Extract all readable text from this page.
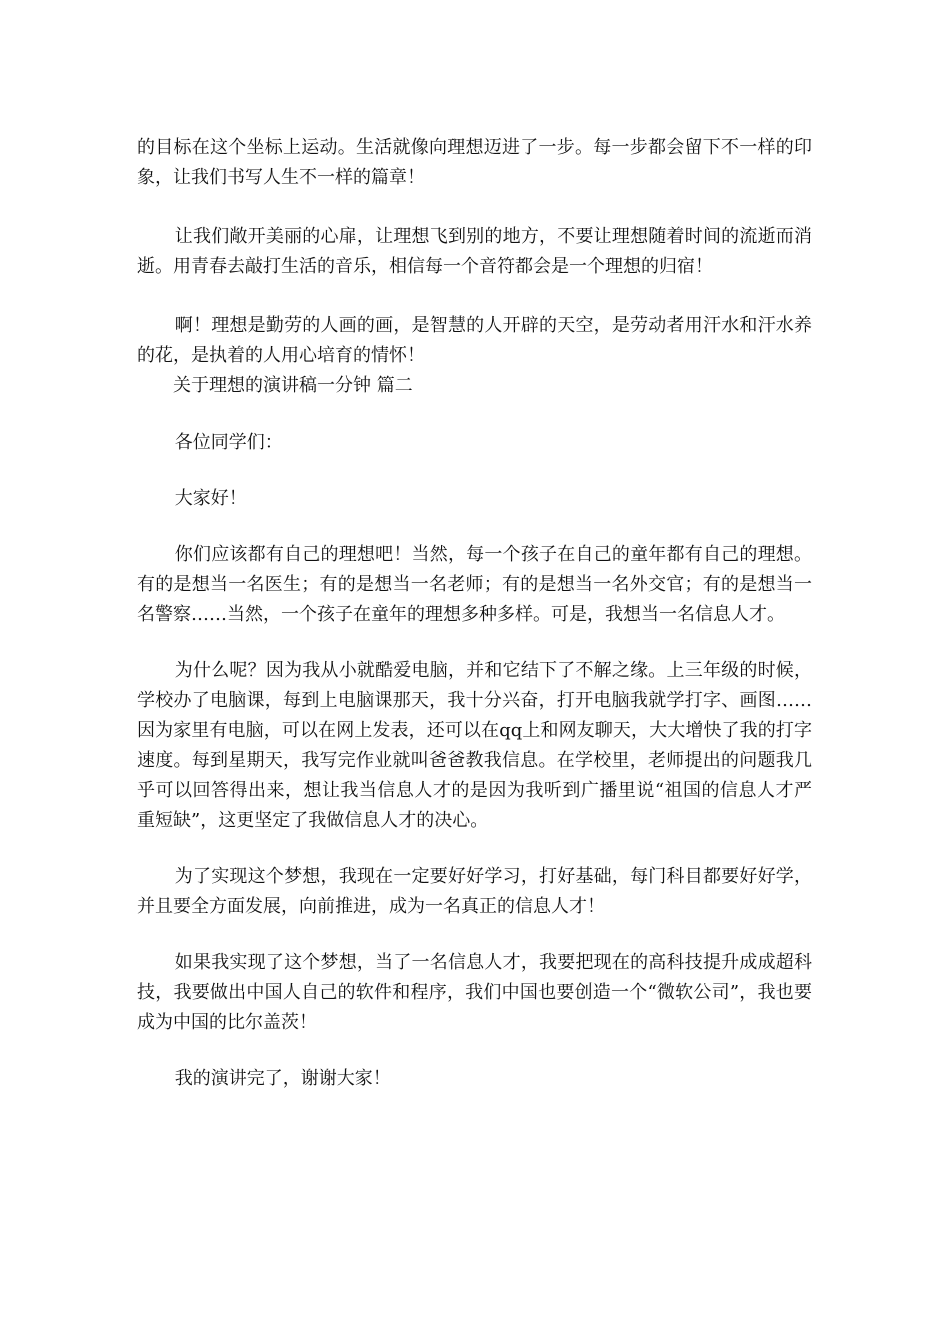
的目标在这个坐标上运动。生活就像向理想迈进了一步。每一步都会留下不一样的印象，让我们书写人生不一样的篇章！

让我们敞开美丽的心扉，让理想飞到别的地方，不要让理想随着时间的流逝而消逝。用青春去敲打生活的音乐，相信每一个音符都会是一个理想的归宿！

啊！理想是勤劳的人画的画，是智慧的人开辟的天空，是劳动者用汗水和汗水养的花，是执着的人用心培育的情怀！

关于理想的演讲稿一分钟 篇二

各位同学们：

大家好！

你们应该都有自己的理想吧！当然，每一个孩子在自己的童年都有自己的理想。有的是想当一名医生；有的是想当一名老师；有的是想当一名外交官；有的是想当一名警察……当然，一个孩子在童年的理想多种多样。可是，我想当一名信息人才。

为什么呢？因为我从小就酷爱电脑，并和它结下了不解之缘。上三年级的时候，学校办了电脑课，每到上电脑课那天，我十分兴奋，打开电脑我就学打字、画图……因为家里有电脑，可以在网上发表，还可以在qq上和网友聊天，大大增快了我的打字速度。每到星期天，我写完作业就叫爸爸教我信息。在学校里，老师提出的问题我几乎可以回答得出来，想让我当信息人才的是因为我听到广播里说“祖国的信息人才严重短缺”，这更坚定了我做信息人才的决心。

为了实现这个梦想，我现在一定要好好学习，打好基础，每门科目都要好好学，并且要全方面发展，向前推进，成为一名真正的信息人才！

如果我实现了这个梦想，当了一名信息人才，我要把现在的高科技提升成成超科技，我要做出中国人自己的软件和程序，我们中国也要创造一个“微软公司”，我也要成为中国的比尔盖茨！

我的演讲完了，谢谢大家！
